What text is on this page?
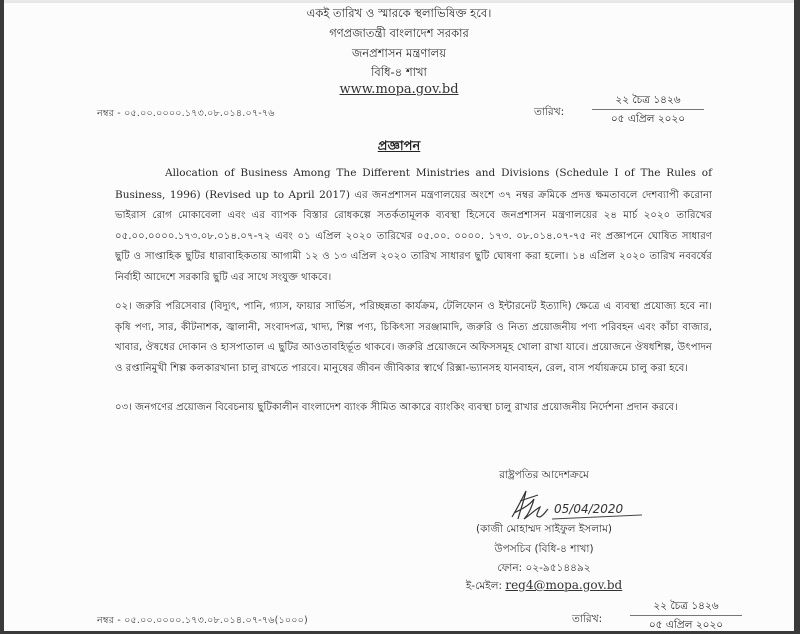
একই তারিখ ও স্মারকে স্থলাভিষিক্ত হবে।
গণপ্রজাতন্ত্রী বাংলাদেশ সরকার
জনপ্রশাসন মন্ত্রণালয়
বিধি-৪ শাখা
www.mopa.gov.bd
নম্বর - ০৫.০০.০০০০.১৭৩.০৮.০১৪.০৭-৭৬	তারিখ:
২২ চৈত্র ১৪২৬
০৫ এপ্রিল ২০২০
প্রজ্ঞাপন
Allocation of Business Among The Different Ministries and Divisions (Schedule I of The Rules of Business, 1996) (Revised up to April 2017) এর জনপ্রশাসন মন্ত্রণালয়ের অংশে ৩৭ নম্বর ক্রমিকে প্রদত্ত ক্ষমতাবলে দেশব্যাপী করোনা ভাইরাস রোগ মোকাবেলা এবং এর ব্যাপক বিস্তার রোধকল্পে সতর্কতামূলক ব্যবস্থা হিসেবে জনপ্রশাসন মন্ত্রণালয়ের ২৪ মার্চ ২০২০ তারিখের ০৫.০০.০০০০.১৭৩.০৮.০১৪.০৭-৭২ এবং ০১ এপ্রিল ২০২০ তারিখের ০৫.০০. ০০০০. ১৭৩. ০৮.০১৪.০৭-৭৫ নং প্রজ্ঞাপনে ঘোষিত সাধারণ ছুটি ও সাপ্তাহিক ছুটির ধারাবাহিকতায় আগামী ১২ ও ১৩ এপ্রিল ২০২০ তারিখ সাধারণ ছুটি ঘোষণা করা হলো। ১৪ এপ্রিল ২০২০ তারিখ নববর্ষের নির্বাহী আদেশে সরকারি ছুটি এর সাথে সংযুক্ত থাকবে।
০২। জরুরি পরিসেবার (বিদ্যুৎ, পানি, গ্যাস, ফায়ার সার্ভিস, পরিচ্ছন্নতা কার্যক্রম, টেলিফোন ও ইন্টারনেট ইত্যাদি) ক্ষেত্রে এ ব্যবস্থা প্রযোজ্য হবে না। কৃষি পণ্য, সার, কীটনাশক, জ্বালানী, সংবাদপত্র, খাদ্য, শিল্প পণ্য, চিকিৎসা সরঞ্জামাদি, জরুরি ও নিত্য প্রয়োজনীয় পণ্য পরিবহন এবং কাঁচা বাজার, খাবার, ঔষধের দোকান ও হাসপাতাল এ ছুটির আওতাবহির্ভূত থাকবে। জরুরি প্রয়োজনে অফিসসমূহ খোলা রাখা যাবে। প্রয়োজনে ঔষধশিল্প, উৎপাদন ও রপ্তানিমুখী শিল্প কলকারখানা চালু রাখতে পারবে। মানুষের জীবন জীবিকার স্বার্থে রিক্সা-ভ্যানসহ যানবাহন, রেল, বাস পর্যায়ক্রমে চালু করা হবে।
০৩। জনগণের প্রয়োজন বিবেচনায় ছুটিকালীন বাংলাদেশ ব্যাংক সীমিত আকারে ব্যাংকিং ব্যবস্থা চালু রাখার প্রয়োজনীয় নির্দেশনা প্রদান করবে।
রাষ্ট্রপতির আদেশক্রমে
05/04/2020
(কাজী মোহাম্মদ সাইফুল ইসলাম)
উপসচিব (বিধি-৪ শাখা)
ফোন: ০২-৯৫১৪৪৯২
ই-মেইল: reg4@mopa.gov.bd
নম্বর - ০৫.০০.০০০০.১৭৩.০৮.০১৪.০৭-৭৬(১০০০)	তারিখ:
২২ চৈত্র ১৪২৬
০৫ এপ্রিল ২০২০
